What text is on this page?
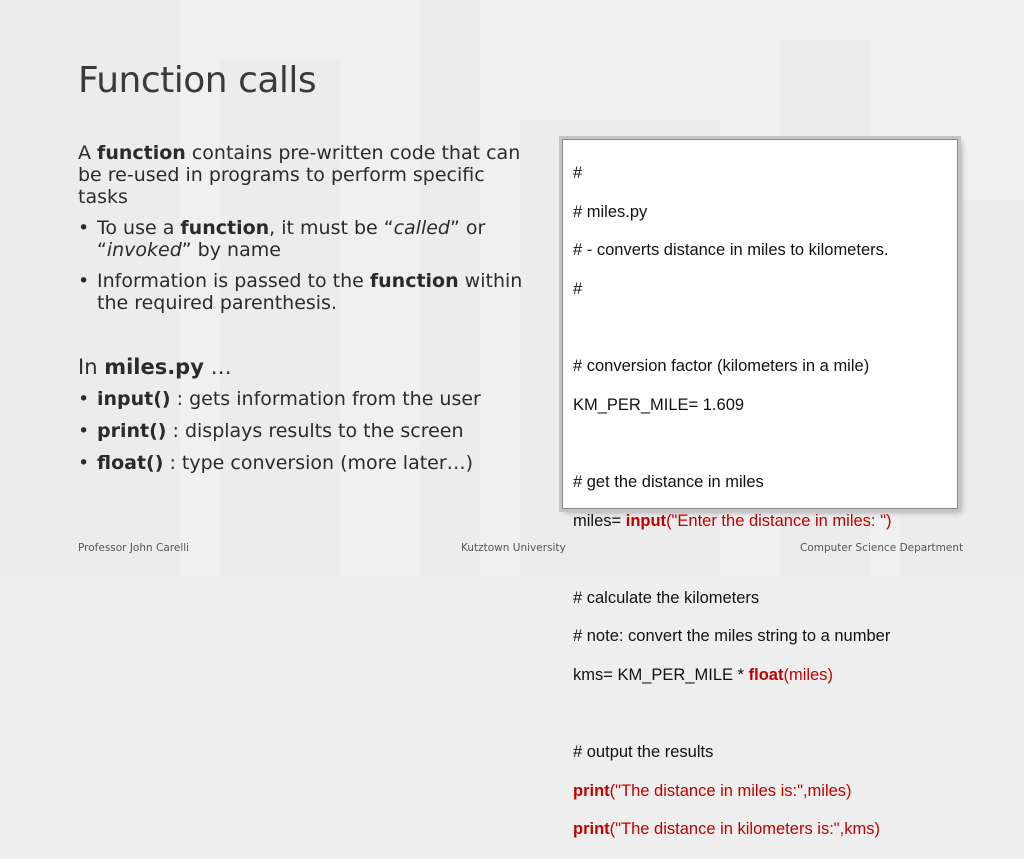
Function calls
A function contains pre-written code that can be re-used in programs to perform specific tasks
• To use a function, it must be “called” or “invoked” by name
• Information is passed to the function within the required parenthesis.
In miles.py …
• input() : gets information from the user
• print() : displays results to the screen
• float() : type conversion (more later…)

#

# miles.py

# - converts distance in miles to kilometers.

#

# conversion factor (kilometers in a mile)

KM_PER_MILE= 1.609

# get the distance in miles

miles= input("Enter the distance in miles: ")

# calculate the kilometers

# note: convert the miles string to a number

kms= KM_PER_MILE * float(miles)

# output the results

print("The distance in miles is:",miles)

print("The distance in kilometers is:",kms)

Professor John Carelli	Kutztown University	Computer Science Department
